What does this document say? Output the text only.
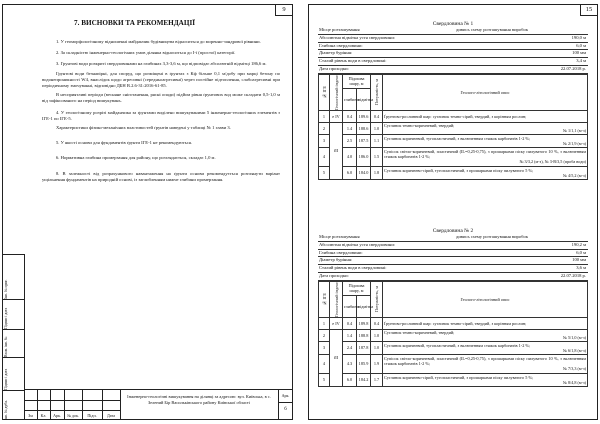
9
7. ВИСНОВКИ ТА РЕКОМЕНДАЦІЇ

1. У геоморфологічному відношенні майданчик будівництва відноситься до моренно-зандрової рівнини.

2. За складністю інженерно-геологічних умов ділянка відноситься до І-ї (простої) категорії.

3. Грунтові води розкриті свердловинами на глибинах 3,3-3,6 м, що відповідає абсолютній відмітці 186,6 м.

Грунтові води безнапірні, для споруд, що розміщені в ґрунтах з Кф більше 0,1 м/добу при марці бетону по водонепроникності W4, внаслідок щодо агресивні (середньоагресивні) через постійне підтоплення, слабоагресивні при періодичному змочуванні, відповідно ДБН В.2.6-31:2016-61-85.

В несприятливі періоди (весняне сніготанення, рясні опади) підйом рівня ґрунтових вод може складати 0,5-1,0 м від зафіксованого на період вишукувань.

4. У геологічному розрізі майданчика за ґрунтами виділено вишукуваними 5 інженерно-геологічних елементів з ІГЕ-1 по ІГЕ-5.

Характеристики фізико-механічних властивостей ґрунтів наведені у таблиці № 1 глави 3.

5. У якості основи для фундаментів ґрунти ІГЕ-1 не рекомендуються.

6. Нормативна глибина промерзання для району, що розглядається, складає 1,0 м.

8. В залежності від розрахункового навантаження на ґрунти основи рекомендується розглянути варіант ущільнення фундаментів на природній основі, із заглибленням нижче глибини промерзання.

Інв. № ориг.
Підпис і дата
Взам. інв. №
Підпис і дата
Інв. № дубл.	Зм	Кл.	Арк.	№ док.	Підп.	Дата
Інженерно-геологічні вишукування на ділянці за адресою: вул. Київська, в с. Зелений Бір Васильківського району Київської області
Арк.
6
15
Свердловина № 1
Місце розташування	дивись схему розташування виробок
Абсолютна відмітка устя свердловини:	190,0 м
Глибина свердловини:	6,0 м
Діаметр буріння:	100 мм
Сталий рівень води в свердловині:	3,4 м
Дата проходки:	22.07.2018 р.
№ ІГЕ	Геологічний індекс	Підошва шару, м		Потужність, м	Геолого-літологічний опис
		глибина	відмітка		
1	e IV	0.4	189.6	0.4	Ґрунтово-рослинний шар: суглинок темно-сірий, твердий, з корінням рослин;
2	fII	1.4	188.6	1.0	Суглинок темно-коричневий, твердий;
№ 1/1,1 (м-з)

3		2.5	187.5	1.1	Суглинок коричневий, тугопластичний, з включенням стяжок карбонатів 1-2 %;
№ 2/1,9 (м-з)

4		4.0	186.0	1.5	Супісок світло-коричневий, пластичний (IL=0,25-0,75), з прошарками піску пилуватого 10 %, з включенням стяжок карбонатів 1-2 %;
№ 3/3,2 (м-з), № 3-В/3,5 (проба води)

5		6.0	184.0	1.8	Суглинок коричнево-сірий, тугопластичний, з прошарками піску пилуватого 5 %;
№ 4/5,2 (м-з)
Свердловина № 2
Місце розташування	дивись схему розташування виробок
Абсолютна відмітка устя свердловини:	190,2 м
Глибина свердловини:	6,0 м
Діаметр буріння:	100 мм
Сталий рівень води в свердловині:	3,6 м
Дата проходки:	22.07.2018 р.
№ ІГЕ	Геологічний індекс	Підошва шару, м		Потужність, м	Геолого-літологічний опис
		глибина	відмітка		
1	e IV	0.4	189.8	0.4	Ґрунтово-рослинний шар: суглинок темно-сірий, твердий, з корінням рослин;
2	fII	1.4	188.8	1.0	Суглинок темно-коричневий, твердий;
№ 5/1,0 (м-з)

3		2.4	187.8	1.0	Суглинок коричневий, тугопластичний, з включенням стяжок карбонатів 1-2 %;
№ 6/1,8 (м-з)

4		4.3	185.9	1.9	Супісок світло-коричневий, пластичний (IL=0,25-0,75), з прошарками піску пилуватого 10 %, з включенням стяжок карбонатів 1-2 %;
№ 7/3,3 (м-з)

5		6.0	184.2	1.7	Суглинок коричнево-сірий, тугопластичний, з прошарками піску пилуватого 5 %;
№ 8/4,8 (м-з)
